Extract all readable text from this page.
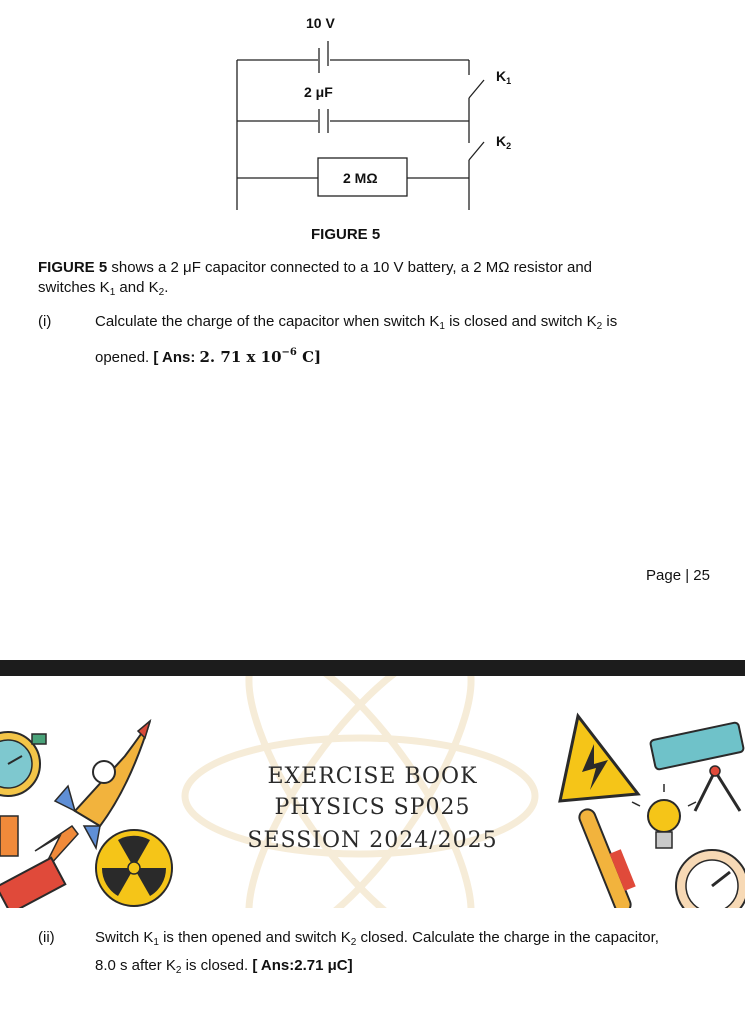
10 V
2 μF
2 MΩ
$K_1$
$K_2$
FIGURE 5
FIGURE 5 shows a 2 μF capacitor connected to a 10 V battery, a 2 MΩ resistor and
switches $K_1$ and $K_2$.
(i)	Calculate the charge of the capacitor when switch $K_1$ is closed and switch $K_2$ is
opened. [ Ans: 2. 71 x $10^{-6}$ C]
Page | 25
EXERCISE BOOK
PHYSICS SP025
SESSION 2024/2025
(ii)	Switch $K_1$ is then opened and switch $K_2$ closed. Calculate the charge in the capacitor,
8.0 s after $K_2$ is closed. [ Ans:2.71 μC]
